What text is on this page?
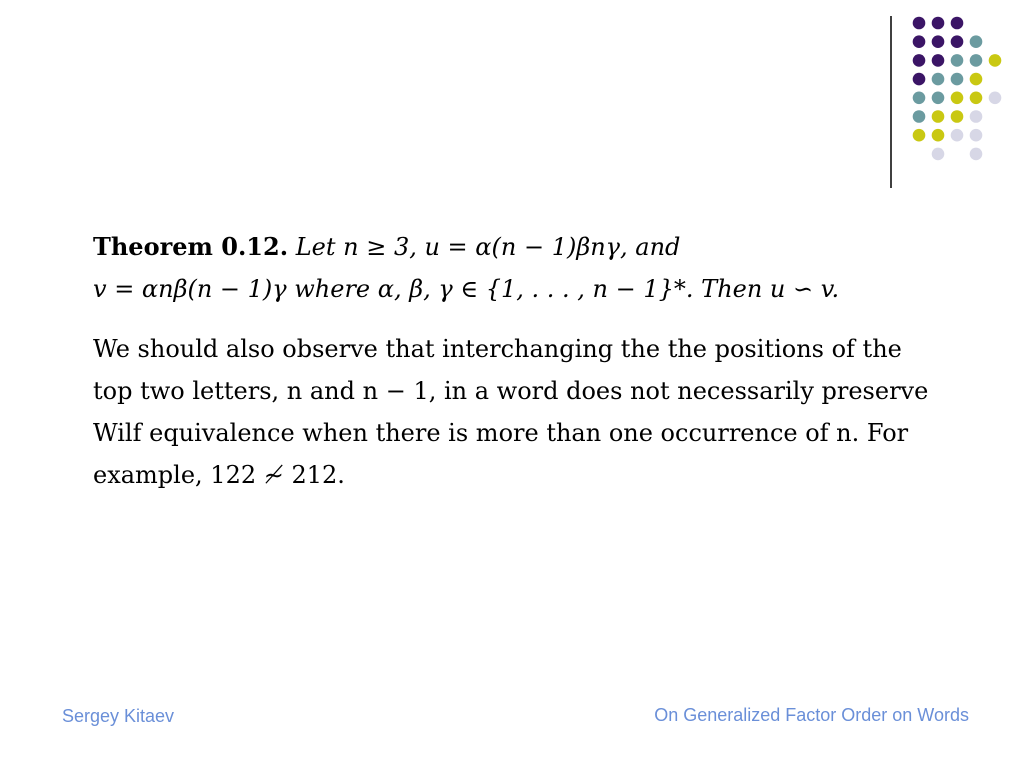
Theorem 0.12. Let n ≥ 3, u = α(n − 1)βnγ, and
v = αnβ(n − 1)γ where α, β, γ ∈ {1, . . . , n − 1}*. Then u ∽ v.
We should also observe that interchanging the the positions of the
top two letters, n and n − 1, in a word does not necessarily preserve
Wilf equivalence when there is more than one occurrence of n. For
example, 122 ≁ 212.
Sergey Kitaev	On Generalized Factor Order on Words
